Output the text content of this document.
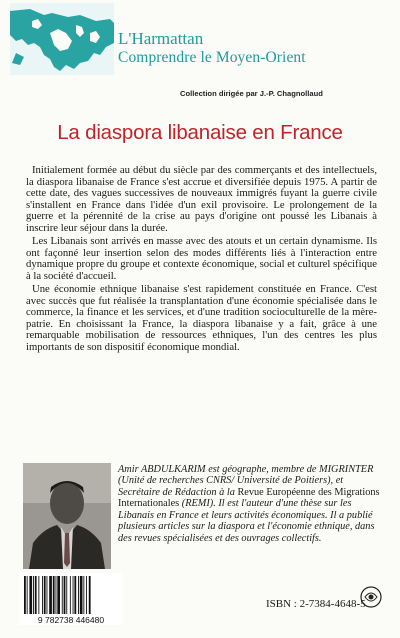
L'Harmattan
Comprendre le Moyen-Orient
Collection dirigée par J.-P. Chagnollaud
La diaspora libanaise en France

Initialement formée au début du siècle par des commerçants et des intellectuels, la diaspora libanaise de France s'est accrue et diversifiée depuis 1975. A partir de cette date, des vagues successives de nouveaux immigrés fuyant la guerre civile s'installent en France dans l'idée d'un exil provisoire. Le prolongement de la guerre et la pérennité de la crise au pays d'origine ont poussé les Libanais à inscrire leur séjour dans la durée.

Les Libanais sont arrivés en masse avec des atouts et un certain dynamisme. Ils ont façonné leur insertion selon des modes différents liés à l'interaction entre dynamique propre du groupe et contexte économique, social et culturel spécifique à la société d'accueil.

Une économie ethnique libanaise s'est rapidement constituée en France. C'est avec succès que fut réalisée la transplantation d'une économie spécialisée dans le commerce, la finance et les services, et d'une tradition socioculturelle de la mère-patrie. En choisissant la France, la diaspora libanaise y a fait, grâce à une remarquable mobilisation de ressources ethniques, l'un des centres les plus importants de son dispositif économique mondial.

Amir ABDULKARIM est géographe, membre de MIGRINTER (Unité de recherches CNRS/ Université de Poitiers), et Secrétaire de Rédaction à la Revue Européenne des Migrations Internationales (REMI). Il est l'auteur d'une thèse sur les Libanais en France et leurs activités économiques. Il a publié plusieurs articles sur la diaspora et l'économie ethnique, dans des revues spécialisées et des ouvrages collectifs.
9 782738 446480
ISBN : 2-7384-4648-5
